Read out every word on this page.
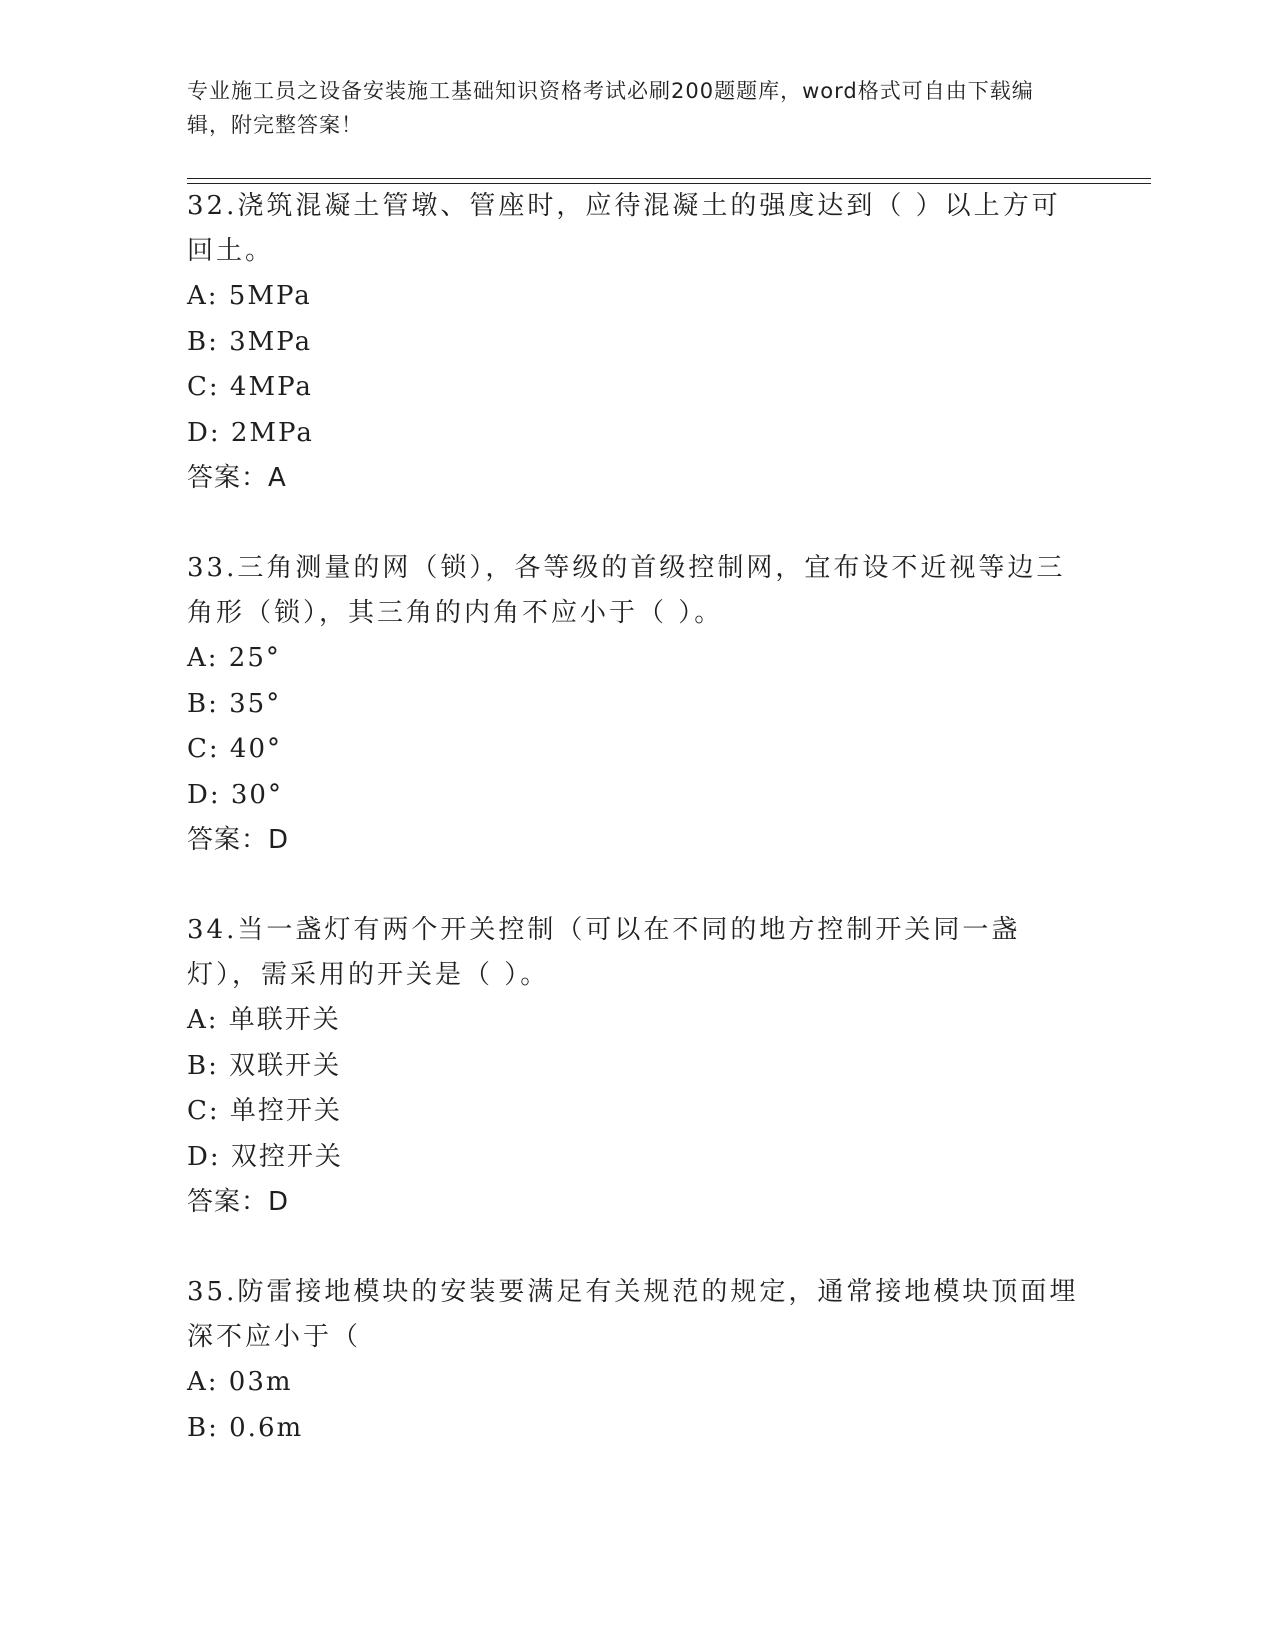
专业施工员之设备安装施工基础知识资格考试必刷200题题库，word格式可自由下载编辑，附完整答案！

32.浇筑混凝土管墩、管座时，应待混凝土的强度达到（ ）以上方可回土。

A: 5MPa

B: 3MPa

C: 4MPa

D: 2MPa

答案：A

33.三角测量的网（锁），各等级的首级控制网，宜布设不近视等边三角形（锁），其三角的内角不应小于（ ）。

A: 25°

B: 35°

C: 40°

D: 30°

答案：D

34.当一盏灯有两个开关控制（可以在不同的地方控制开关同一盏灯），需采用的开关是（ ）。

A: 单联开关

B: 双联开关

C: 单控开关

D: 双控开关

答案：D

35.防雷接地模块的安装要满足有关规范的规定，通常接地模块顶面埋深不应小于（

A: 03m

B: 0.6m
